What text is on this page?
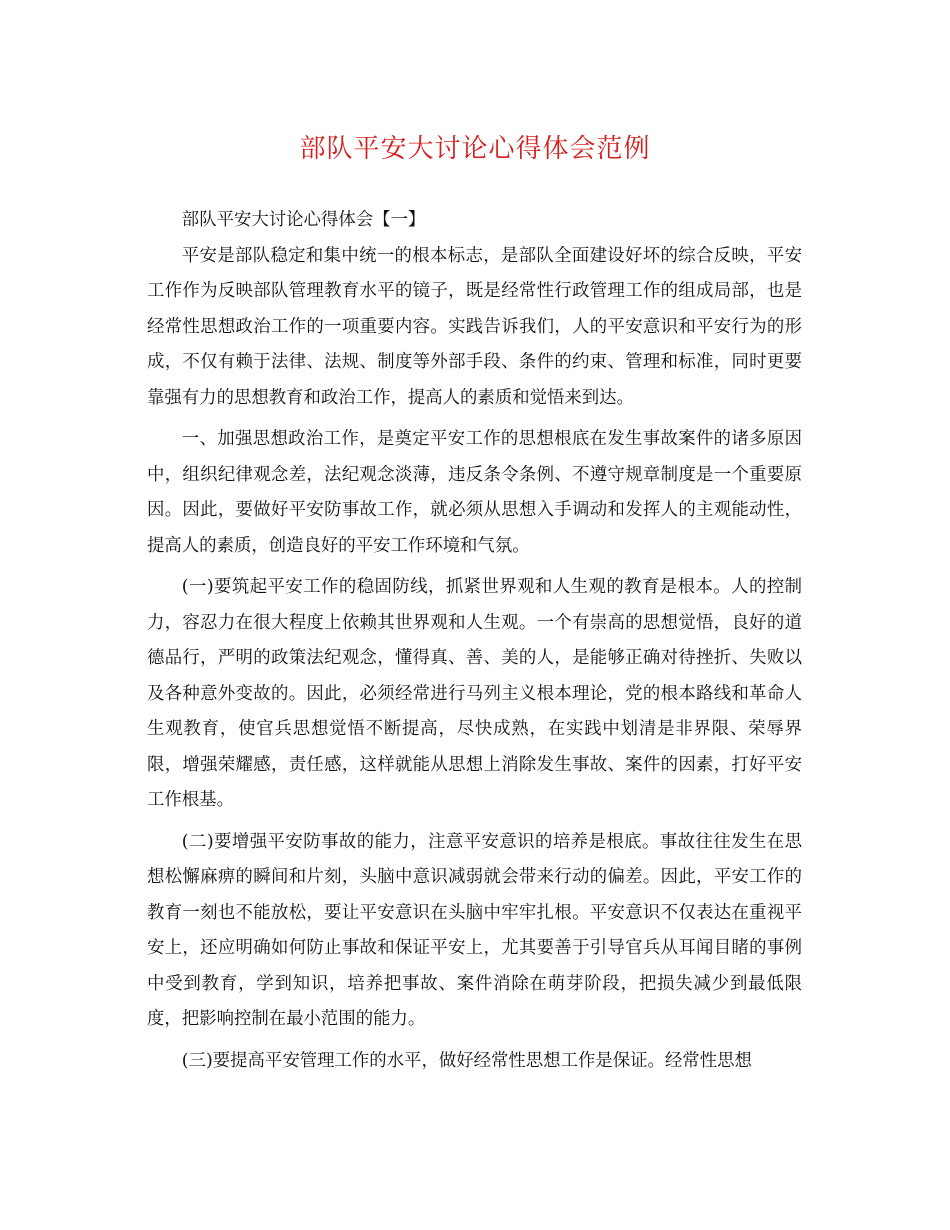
部队平安大讨论心得体会范例

部队平安大讨论心得体会【一】

平安是部队稳定和集中统一的根本标志，是部队全面建设好坏的综合反映，平安工作作为反映部队管理教育水平的镜子，既是经常性行政管理工作的组成局部，也是经常性思想政治工作的一项重要内容。实践告诉我们，人的平安意识和平安行为的形成，不仅有赖于法律、法规、制度等外部手段、条件的约束、管理和标准，同时更要靠强有力的思想教育和政治工作，提高人的素质和觉悟来到达。

一、加强思想政治工作，是奠定平安工作的思想根底在发生事故案件的诸多原因中，组织纪律观念差，法纪观念淡薄，违反条令条例、不遵守规章制度是一个重要原因。因此，要做好平安防事故工作，就必须从思想入手调动和发挥人的主观能动性，提高人的素质，创造良好的平安工作环境和气氛。

(一)要筑起平安工作的稳固防线，抓紧世界观和人生观的教育是根本。人的控制力，容忍力在很大程度上依赖其世界观和人生观。一个有崇高的思想觉悟，良好的道德品行，严明的政策法纪观念，懂得真、善、美的人，是能够正确对待挫折、失败以及各种意外变故的。因此，必须经常进行马列主义根本理论，党的根本路线和革命人生观教育，使官兵思想觉悟不断提高，尽快成熟，在实践中划清是非界限、荣辱界限，增强荣耀感，责任感，这样就能从思想上消除发生事故、案件的因素，打好平安工作根基。

(二)要增强平安防事故的能力，注意平安意识的培养是根底。事故往往发生在思想松懈麻痹的瞬间和片刻，头脑中意识减弱就会带来行动的偏差。因此，平安工作的教育一刻也不能放松，要让平安意识在头脑中牢牢扎根。平安意识不仅表达在重视平安上，还应明确如何防止事故和保证平安上，尤其要善于引导官兵从耳闻目睹的事例中受到教育，学到知识，培养把事故、案件消除在萌芽阶段，把损失减少到最低限度，把影响控制在最小范围的能力。

(三)要提高平安管理工作的水平，做好经常性思想工作是保证。经常性思想
